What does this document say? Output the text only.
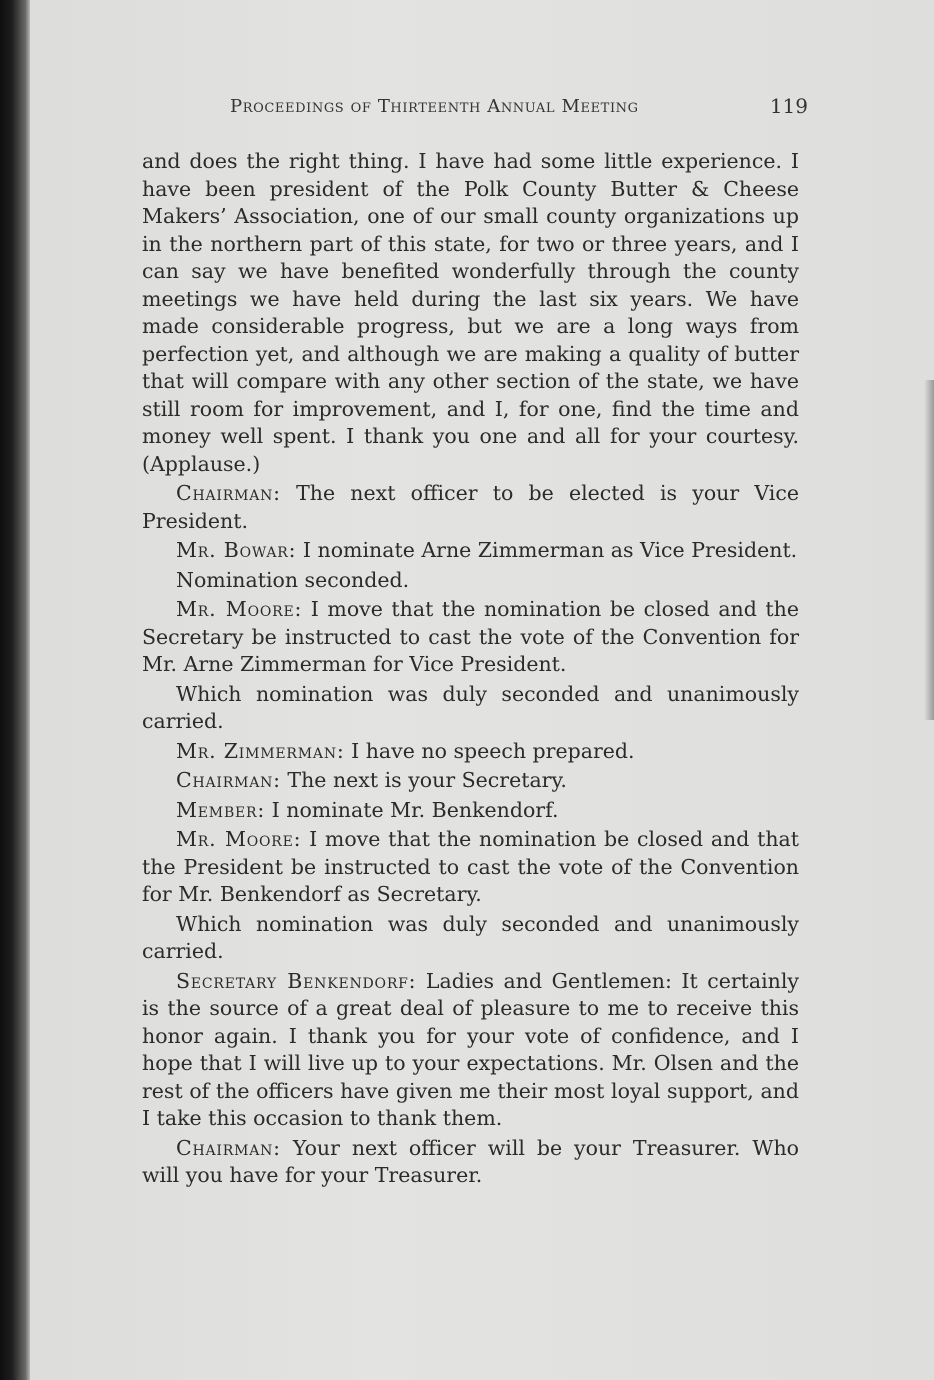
Proceedings of Thirteenth Annual Meeting	119

and does the right thing. I have had some little experience. I have been president of the Polk County Butter & Cheese Makers’ Association, one of our small county organizations up in the northern part of this state, for two or three years, and I can say we have benefited wonderfully through the county meetings we have held during the last six years. We have made considerable progress, but we are a long ways from perfection yet, and although we are making a quality of butter that will compare with any other section of the state, we have still room for improvement, and I, for one, find the time and money well spent. I thank you one and all for your courtesy. (Applause.)

Chairman: The next officer to be elected is your Vice President.

Mr. Bowar: I nominate Arne Zimmerman as Vice President.

Nomination seconded.

Mr. Moore: I move that the nomination be closed and the Secretary be instructed to cast the vote of the Convention for Mr. Arne Zimmerman for Vice President.

Which nomination was duly seconded and unanimously carried.

Mr. Zimmerman: I have no speech prepared.

Chairman: The next is your Secretary.

Member: I nominate Mr. Benkendorf.

Mr. Moore: I move that the nomination be closed and that the President be instructed to cast the vote of the Convention for Mr. Benkendorf as Secretary.

Which nomination was duly seconded and unanimously carried.

Secretary Benkendorf: Ladies and Gentlemen: It certainly is the source of a great deal of pleasure to me to receive this honor again. I thank you for your vote of confidence, and I hope that I will live up to your expectations. Mr. Olsen and the rest of the officers have given me their most loyal support, and I take this occasion to thank them.

Chairman: Your next officer will be your Treasurer. Who will you have for your Treasurer.
